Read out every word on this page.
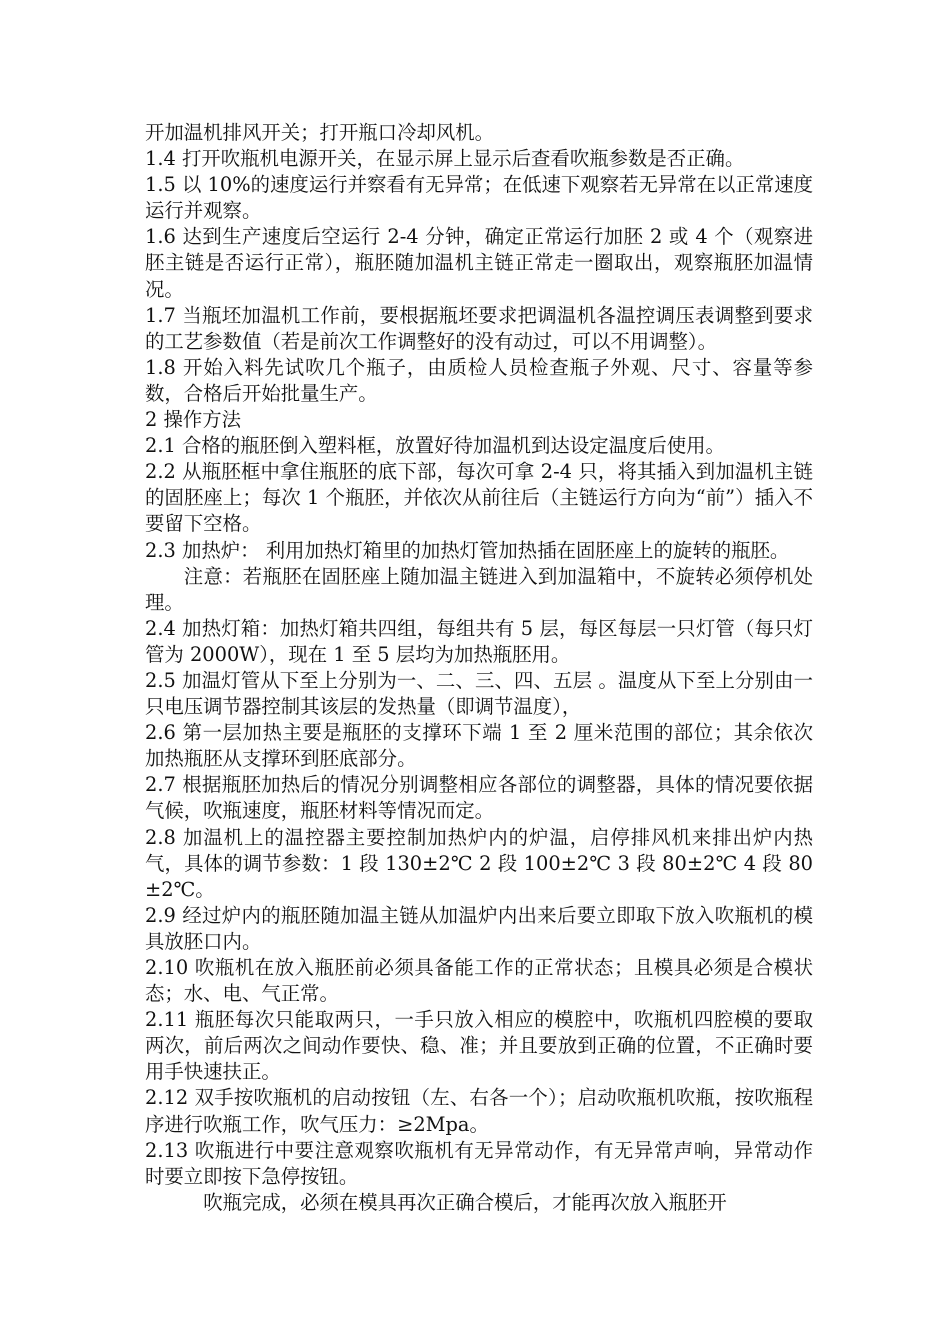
开加温机排风开关；打开瓶口冷却风机。

1.4 打开吹瓶机电源开关，在显示屏上显示后查看吹瓶参数是否正确。

1.5 以 10%的速度运行并察看有无异常；在低速下观察若无异常在以正常速度运行并观察。

1.6 达到生产速度后空运行 2-4 分钟，确定正常运行加胚 2 或 4 个（观察进胚主链是否运行正常），瓶胚随加温机主链正常走一圈取出，观察瓶胚加温情况。

1.7 当瓶坯加温机工作前，要根据瓶坯要求把调温机各温控调压表调整到要求的工艺参数值（若是前次工作调整好的没有动过，可以不用调整）。

1.8 开始入料先试吹几个瓶子，由质检人员检查瓶子外观、尺寸、容量等参数，合格后开始批量生产。

2 操作方法

2.1 合格的瓶胚倒入塑料框，放置好待加温机到达设定温度后使用。

2.2 从瓶胚框中拿住瓶胚的底下部，每次可拿 2-4 只，将其插入到加温机主链的固胚座上；每次 1 个瓶胚，并依次从前往后（主链运行方向为“前”）插入不要留下空格。

2.3 加热炉： 利用加热灯箱里的加热灯管加热插在固胚座上的旋转的瓶胚。

注意：若瓶胚在固胚座上随加温主链进入到加温箱中，不旋转必须停机处理。

2.4 加热灯箱：加热灯箱共四组，每组共有 5 层，每区每层一只灯管（每只灯管为 2000W），现在 1 至 5 层均为加热瓶胚用。

2.5 加温灯管从下至上分别为一、二、三、四、五层 。温度从下至上分别由一只电压调节器控制其该层的发热量（即调节温度），

2.6 第一层加热主要是瓶胚的支撑环下端 1 至 2 厘米范围的部位；其余依次加热瓶胚从支撑环到胚底部分。

2.7 根据瓶胚加热后的情况分别调整相应各部位的调整器，具体的情况要依据气候，吹瓶速度，瓶胚材料等情况而定。

2.8 加温机上的温控器主要控制加热炉内的炉温，启停排风机来排出炉内热气，具体的调节参数：1 段 130±2℃ 2 段 100±2℃ 3 段 80±2℃ 4 段 80±2℃。

2.9 经过炉内的瓶胚随加温主链从加温炉内出来后要立即取下放入吹瓶机的模具放胚口内。

2.10 吹瓶机在放入瓶胚前必须具备能工作的正常状态；且模具必须是合模状态；水、电、气正常。

2.11 瓶胚每次只能取两只，一手只放入相应的模腔中，吹瓶机四腔模的要取两次，前后两次之间动作要快、稳、准；并且要放到正确的位置，不正确时要用手快速扶正。

2.12 双手按吹瓶机的启动按钮（左、右各一个）；启动吹瓶机吹瓶，按吹瓶程序进行吹瓶工作，吹气压力：≥2Mpa。

2.13 吹瓶进行中要注意观察吹瓶机有无异常动作，有无异常声响，异常动作时要立即按下急停按钮。

吹瓶完成，必须在模具再次正确合模后，才能再次放入瓶胚开
